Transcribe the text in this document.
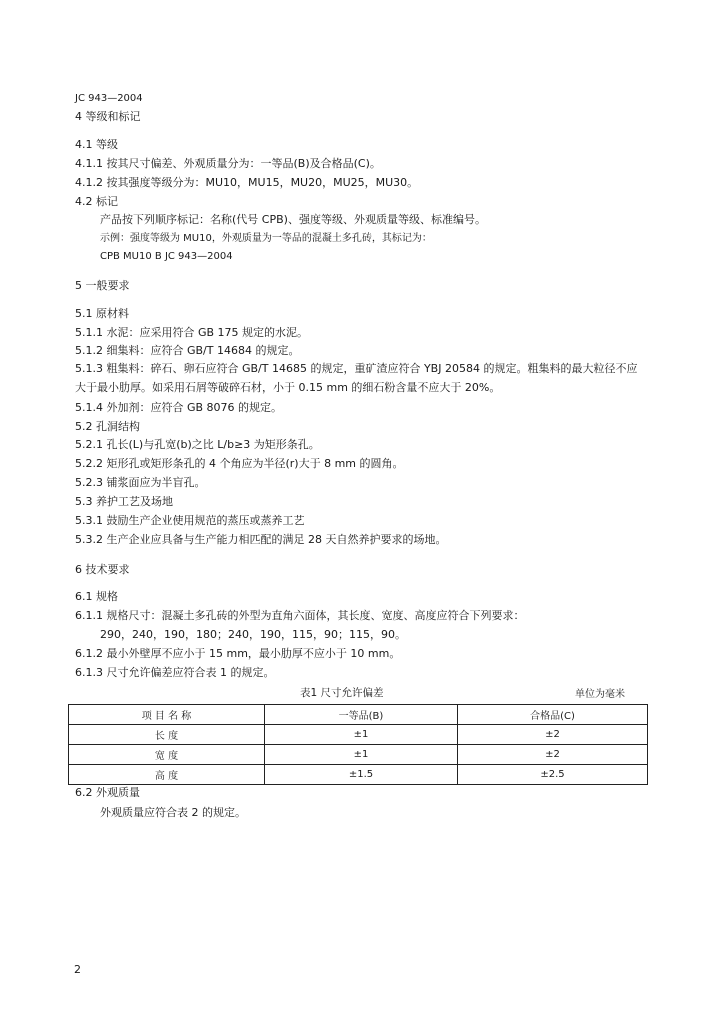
JC 943—2004
4 等级和标记
4.1 等级
4.1.1 按其尺寸偏差、外观质量分为：一等品(B)及合格品(C)。
4.1.2 按其强度等级分为：MU10，MU15，MU20，MU25，MU30。
4.2 标记
产品按下列顺序标记：名称(代号 CPB)、强度等级、外观质量等级、标准编号。
示例：强度等级为 MU10，外观质量为一等品的混凝土多孔砖，其标记为：
CPB MU10 B JC 943—2004
5 一般要求
5.1 原材料
5.1.1 水泥：应采用符合 GB 175 规定的水泥。
5.1.2 细集料：应符合 GB/T 14684 的规定。
5.1.3 粗集料：碎石、卵石应符合 GB/T 14685 的规定，重矿渣应符合 YBJ 20584 的规定。粗集料的最大粒径不应大于最小肋厚。如采用石屑等破碎石材，小于 0.15 mm 的细石粉含量不应大于 20%。
5.1.4 外加剂：应符合 GB 8076 的规定。
5.2 孔洞结构
5.2.1 孔长(L)与孔宽(b)之比 L/b≥3 为矩形条孔。
5.2.2 矩形孔或矩形条孔的 4 个角应为半径(r)大于 8 mm 的圆角。
5.2.3 铺浆面应为半盲孔。
5.3 养护工艺及场地
5.3.1 鼓励生产企业使用规范的蒸压或蒸养工艺
5.3.2 生产企业应具备与生产能力相匹配的满足 28 天自然养护要求的场地。
6 技术要求
6.1 规格
6.1.1 规格尺寸：混凝土多孔砖的外型为直角六面体，其长度、宽度、高度应符合下列要求：
290，240，190，180；240，190，115，90；115，90。
6.1.2 最小外壁厚不应小于 15 mm，最小肋厚不应小于 10 mm。
6.1.3 尺寸允许偏差应符合表 1 的规定。
表1 尺寸允许偏差	单位为毫米
项 目 名 称	一等品(B)	合格品(C)
长 度	±1	±2
宽 度	±1	±2
高 度	±1.5	±2.5
6.2 外观质量
外观质量应符合表 2 的规定。
2
